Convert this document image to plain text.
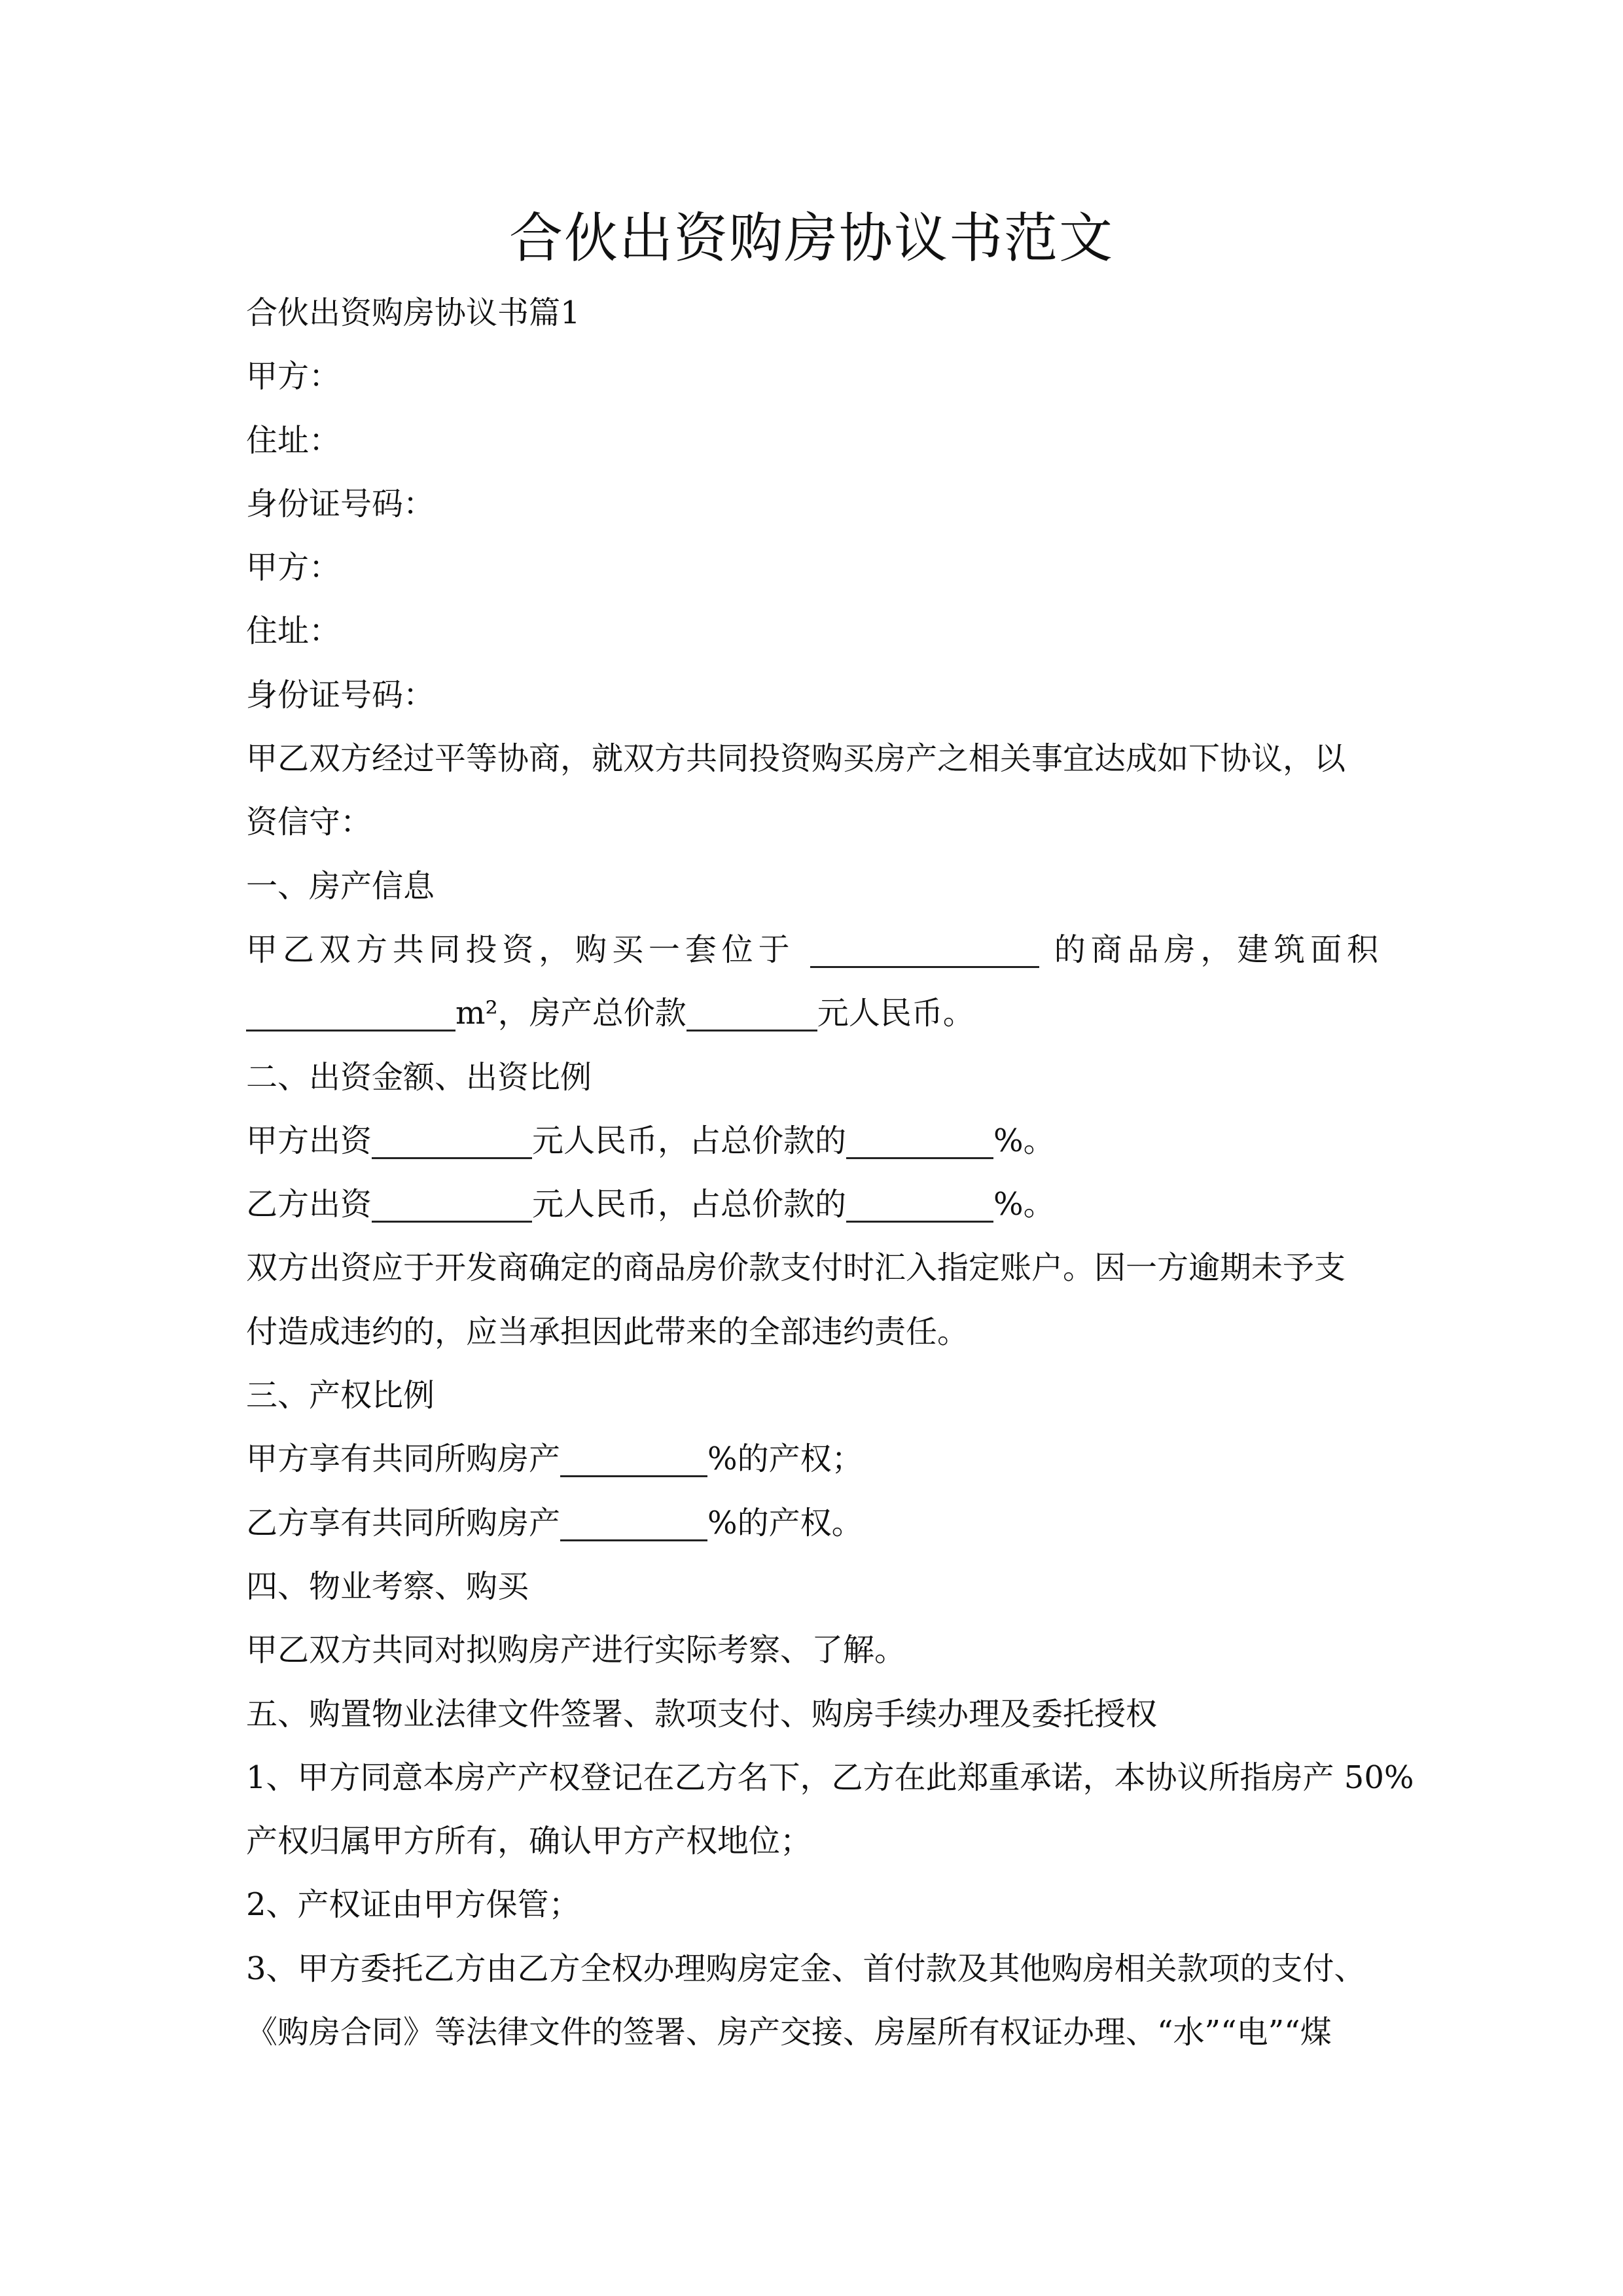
合伙出资购房协议书范文
合伙出资购房协议书篇1
甲方：
住址：
身份证号码：
甲方：
住址：
身份证号码：
甲乙双方经过平等协商，就双方共同投资购买房产之相关事宜达成如下协议，以
资信守：
一、房产信息
甲乙双方共同投资，购买一套位于	的商品房，建筑面积
m²，房产总价款	元人民币。
二、出资金额、出资比例
甲方出资	元人民币，占总价款的	%。
乙方出资	元人民币，占总价款的	%。
双方出资应于开发商确定的商品房价款支付时汇入指定账户。因一方逾期未予支
付造成违约的，应当承担因此带来的全部违约责任。
三、产权比例
甲方享有共同所购房产	%的产权；
乙方享有共同所购房产	%的产权。
四、物业考察、购买
甲乙双方共同对拟购房产进行实际考察、了解。
五、购置物业法律文件签署、款项支付、购房手续办理及委托授权
1、甲方同意本房产产权登记在乙方名下，乙方在此郑重承诺，本协议所指房产 50%
产权归属甲方所有，确认甲方产权地位；
2、产权证由甲方保管；
3、甲方委托乙方由乙方全权办理购房定金、首付款及其他购房相关款项的支付、
《购房合同》等法律文件的签署、房产交接、房屋所有权证办理、“水”“电”“煤
